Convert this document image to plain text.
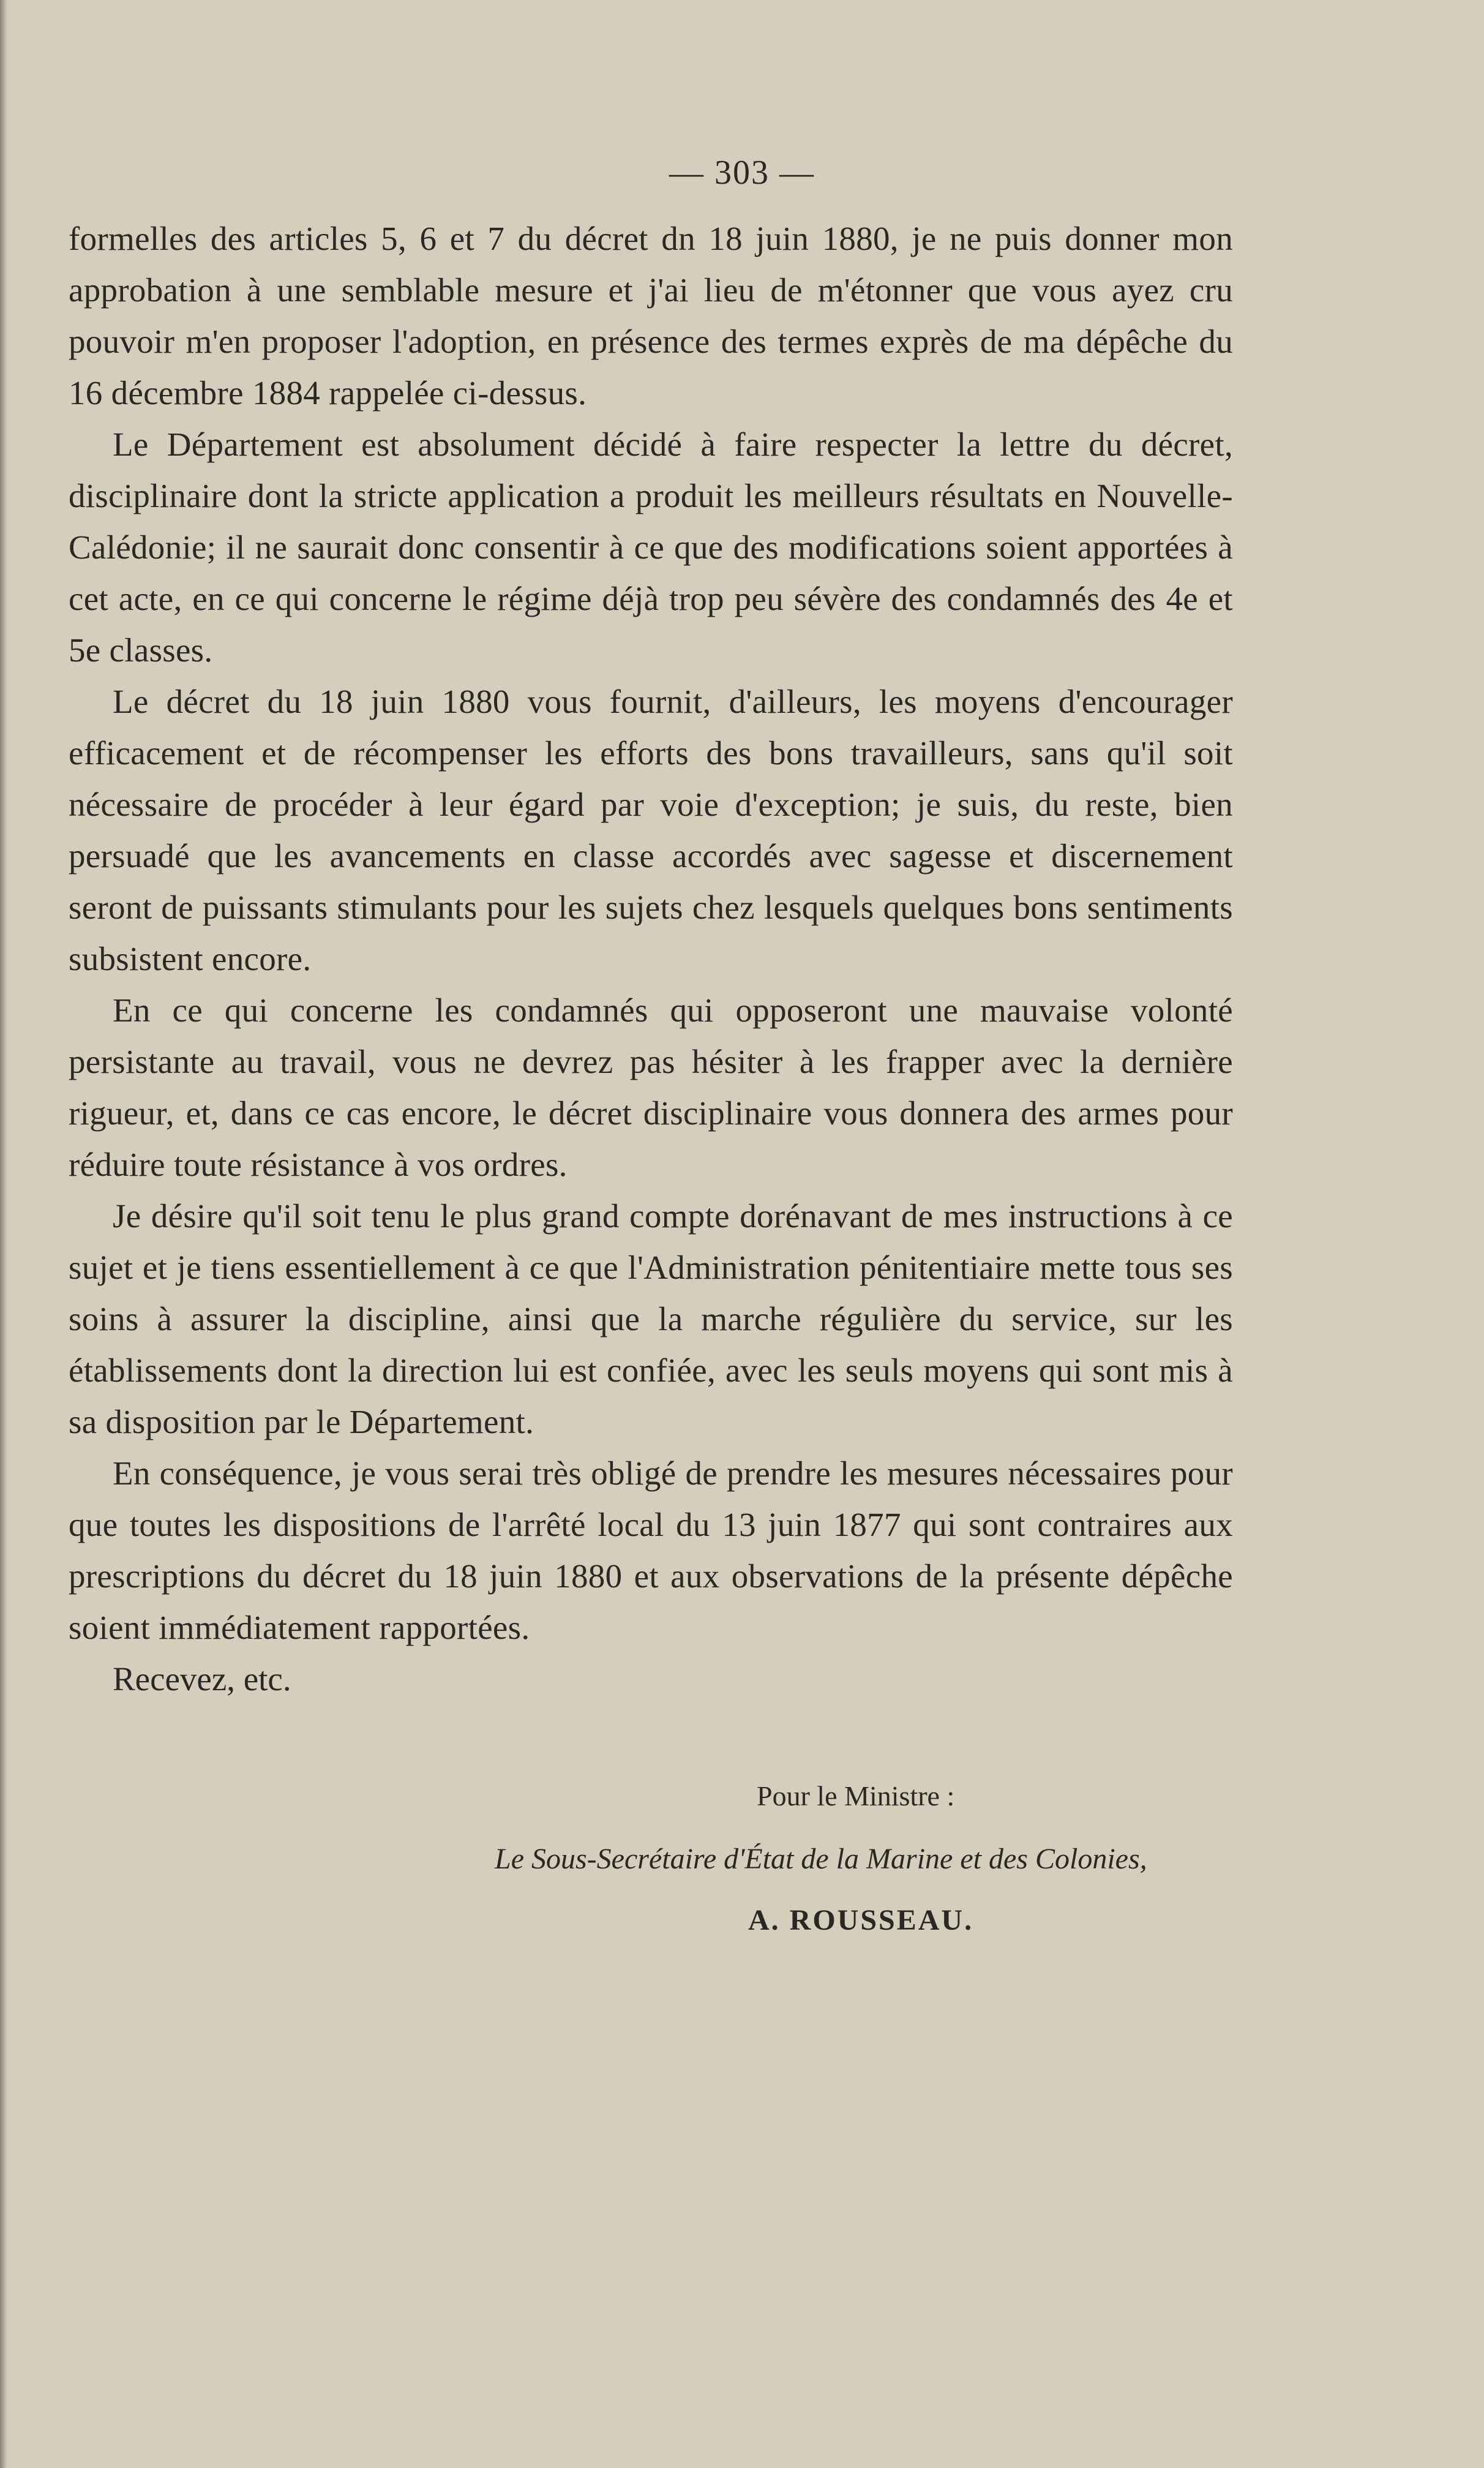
— 303 —

formelles des articles 5, 6 et 7 du décret dn 18 juin 1880, je ne puis donner mon approbation à une semblable mesure et j'ai lieu de m'étonner que vous ayez cru pouvoir m'en proposer l'adoption, en présence des termes exprès de ma dépêche du 16 décembre 1884 rappelée ci-dessus.

Le Département est absolument décidé à faire respecter la lettre du décret, disciplinaire dont la stricte application a produit les meilleurs résultats en Nouvelle-Calédonie; il ne saurait donc consentir à ce que des modifications soient apportées à cet acte, en ce qui concerne le régime déjà trop peu sévère des condamnés des 4e et 5e classes.

Le décret du 18 juin 1880 vous fournit, d'ailleurs, les moyens d'encourager efficacement et de récompenser les efforts des bons travailleurs, sans qu'il soit nécessaire de procéder à leur égard par voie d'exception; je suis, du reste, bien persuadé que les avancements en classe accordés avec sagesse et discernement seront de puissants stimulants pour les sujets chez lesquels quelques bons sentiments subsistent encore.

En ce qui concerne les condamnés qui opposeront une mauvaise volonté persistante au travail, vous ne devrez pas hésiter à les frapper avec la dernière rigueur, et, dans ce cas encore, le décret disciplinaire vous donnera des armes pour réduire toute résistance à vos ordres.

Je désire qu'il soit tenu le plus grand compte dorénavant de mes instructions à ce sujet et je tiens essentiellement à ce que l'Administration pénitentiaire mette tous ses soins à assurer la discipline, ainsi que la marche régulière du service, sur les établissements dont la direction lui est confiée, avec les seuls moyens qui sont mis à sa disposition par le Département.

En conséquence, je vous serai très obligé de prendre les mesures nécessaires pour que toutes les dispositions de l'arrêté local du 13 juin 1877 qui sont contraires aux prescriptions du décret du 18 juin 1880 et aux observations de la présente dépêche soient immédiatement rapportées.

Recevez, etc.

Pour le Ministre :
Le Sous-Secrétaire d'État de la Marine et des Colonies,
A. ROUSSEAU.
